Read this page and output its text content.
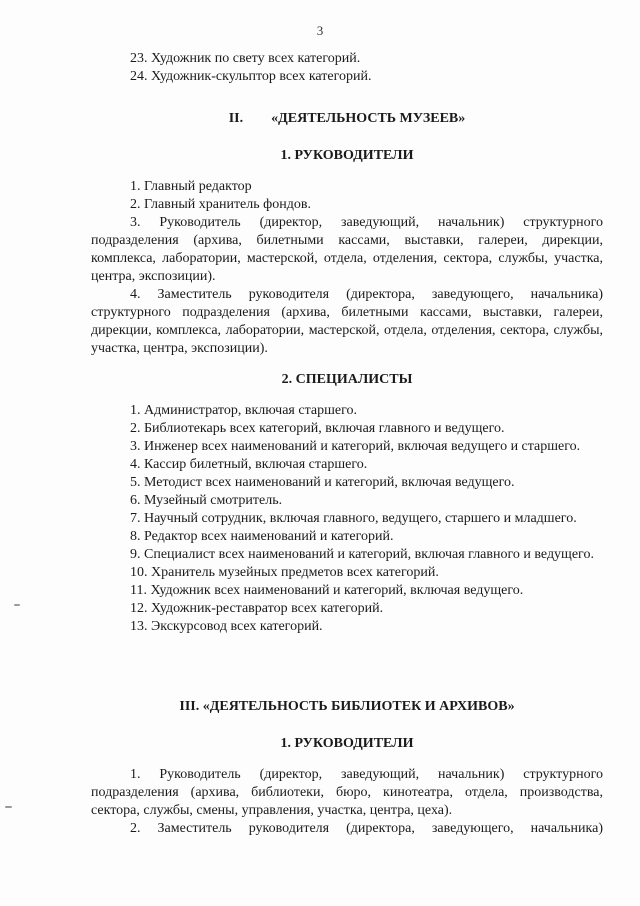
3

23. Художник по свету всех категорий.

24. Художник-скульптор всех категорий.

II. «ДЕЯТЕЛЬНОСТЬ МУЗЕЕВ»
1. РУКОВОДИТЕЛИ

1. Главный редактор

2. Главный хранитель фондов.

3. Руководитель (директор, заведующий, начальник) структурного подразделения (архива, билетными кассами, выставки, галереи, дирекции, комплекса, лаборатории, мастерской, отдела, отделения, сектора, службы, участка, центра, экспозиции).

4. Заместитель руководителя (директора, заведующего, начальника) структурного подразделения (архива, билетными кассами, выставки, галереи, дирекции, комплекса, лаборатории, мастерской, отдела, отделения, сектора, службы, участка, центра, экспозиции).

2. СПЕЦИАЛИСТЫ

1. Администратор, включая старшего.

2. Библиотекарь всех категорий, включая главного и ведущего.

3. Инженер всех наименований и категорий, включая ведущего и старшего.

4. Кассир билетный, включая старшего.

5. Методист всех наименований и категорий, включая ведущего.

6. Музейный смотритель.

7. Научный сотрудник, включая главного, ведущего, старшего и младшего.

8. Редактор всех наименований и категорий.

9. Специалист всех наименований и категорий, включая главного и ведущего.

10. Хранитель музейных предметов всех категорий.

11. Художник всех наименований и категорий, включая ведущего.

12. Художник-реставратор всех категорий.

13. Экскурсовод всех категорий.

III. «ДЕЯТЕЛЬНОСТЬ БИБЛИОТЕК И АРХИВОВ»
1. РУКОВОДИТЕЛИ

1. Руководитель (директор, заведующий, начальник) структурного подразделения (архива, библиотеки, бюро, кинотеатра, отдела, производства, сектора, службы, смены, управления, участка, центра, цеха).

2. Заместитель руководителя (директора, заведующего, начальника)
